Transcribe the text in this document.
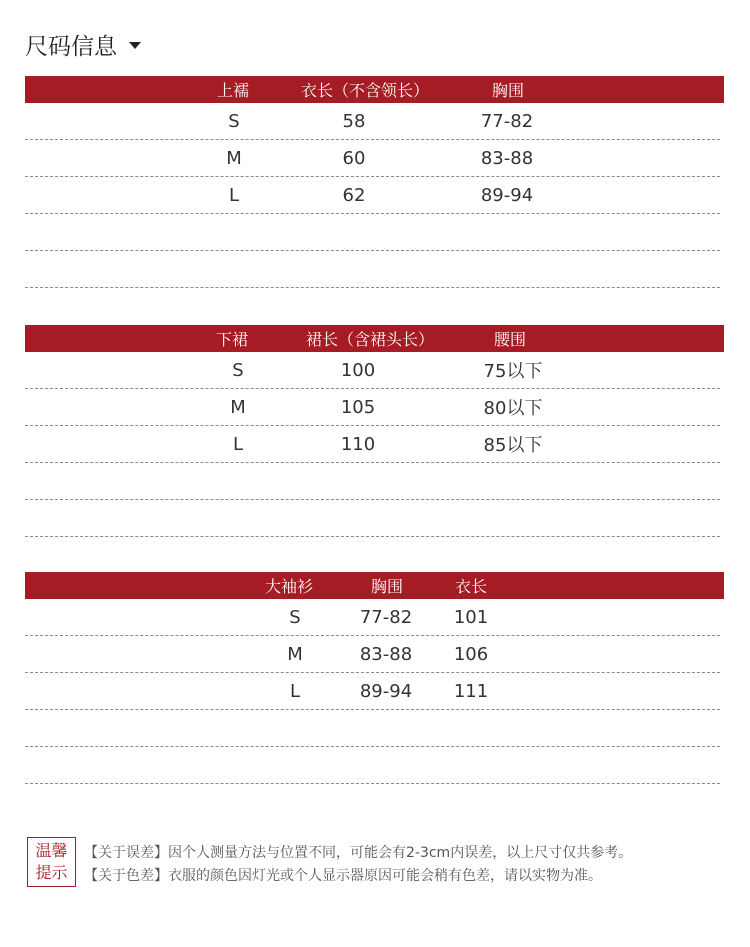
尺码信息
上襦	衣长（不含领长）	胸围
S	58	77-82
M	60	83-88
L	62	89-94
下裙	裙长（含裙头长）	腰围
S	100	75以下
M	105	80以下
L	110	85以下
大袖衫	胸围	衣长
S	77-82 101
M	83-88 106
L	89-94 111
温馨
提示
【关于误差】因个人测量方法与位置不同，可能会有2-3cm内误差，以上尺寸仅共参考。
【关于色差】衣服的颜色因灯光或个人显示器原因可能会稍有色差，请以实物为准。
